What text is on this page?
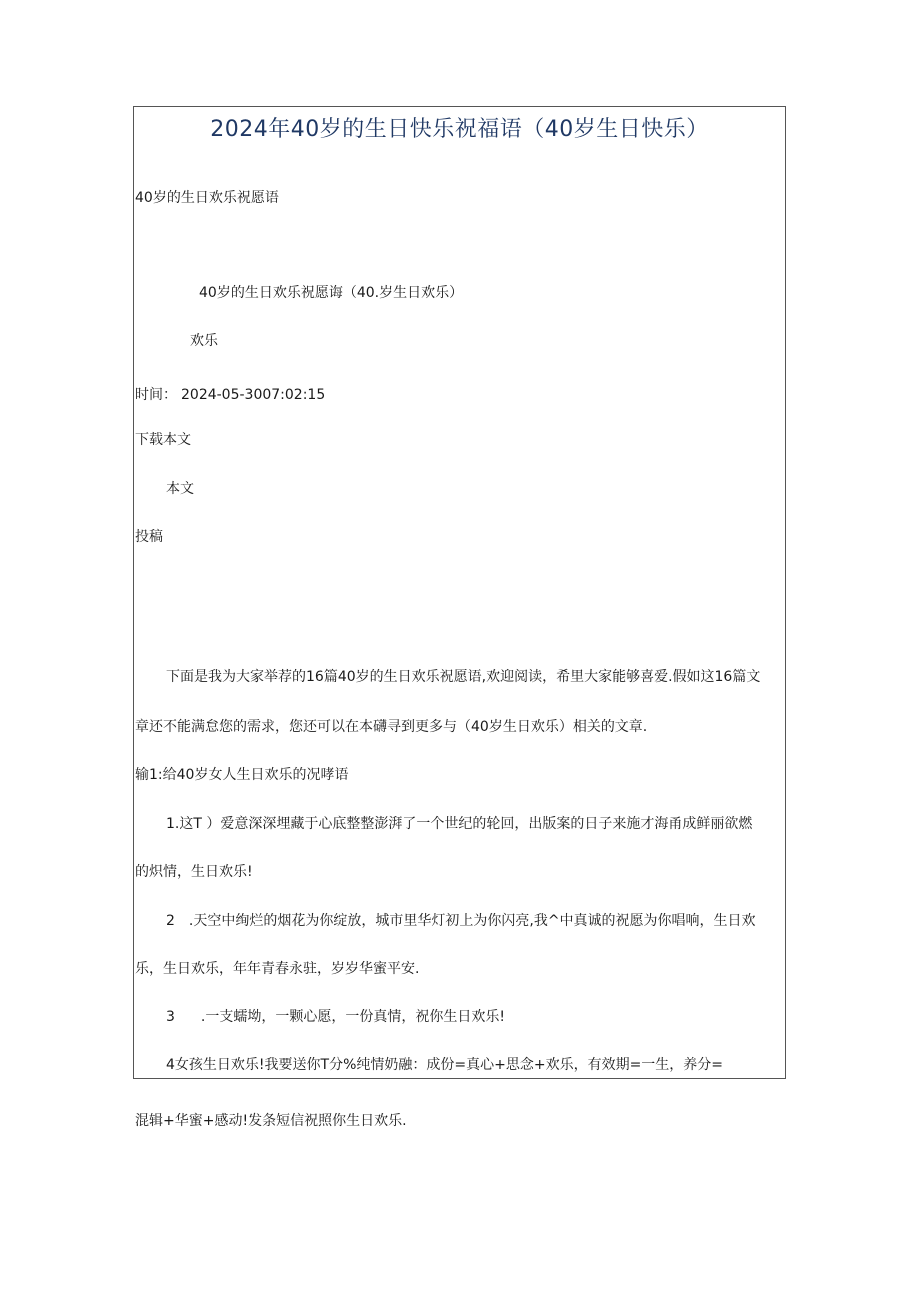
2024年40岁的生日快乐祝福语（40岁生日快乐）
40岁的生日欢乐祝愿语
40岁的生日欢乐祝愿诲（40.岁生日欢乐）
欢乐
时间： 2024-05-3007:02:15
下载本文
本文
投稿
下面是我为大家举荐的16篇40岁的生日欢乐祝愿语,欢迎阅读，希里大家能够喜爱.假如这16篇文
章还不能满怠您的需求，您还可以在本礴寻到更多与（40岁生日欢乐）相关的文章.
输1:给40岁女人生日欢乐的况哮语
1.这T ）爱意深深埋藏于心底整整澎湃了一个世纪的轮回，出版案的日子来施才海甬成鲜丽欲燃
的炽情，生日欢乐!
2 .天空中绚烂的烟花为你绽放，城市里华灯初上为你闪亮,我^中真诚的祝愿为你唱响，生日欢
乐，生日欢乐，年年青春永驻，岁岁华蜜平安.
3 .一支蠕坳，一颗心愿，一份真情，祝你生日欢乐!
4女孩生日欢乐!我要送你T分%纯情奶融：成份=真心+思念+欢乐，有效期=一生，养分=
混辑+华蜜+感动!发条短信祝照你生日欢乐.
